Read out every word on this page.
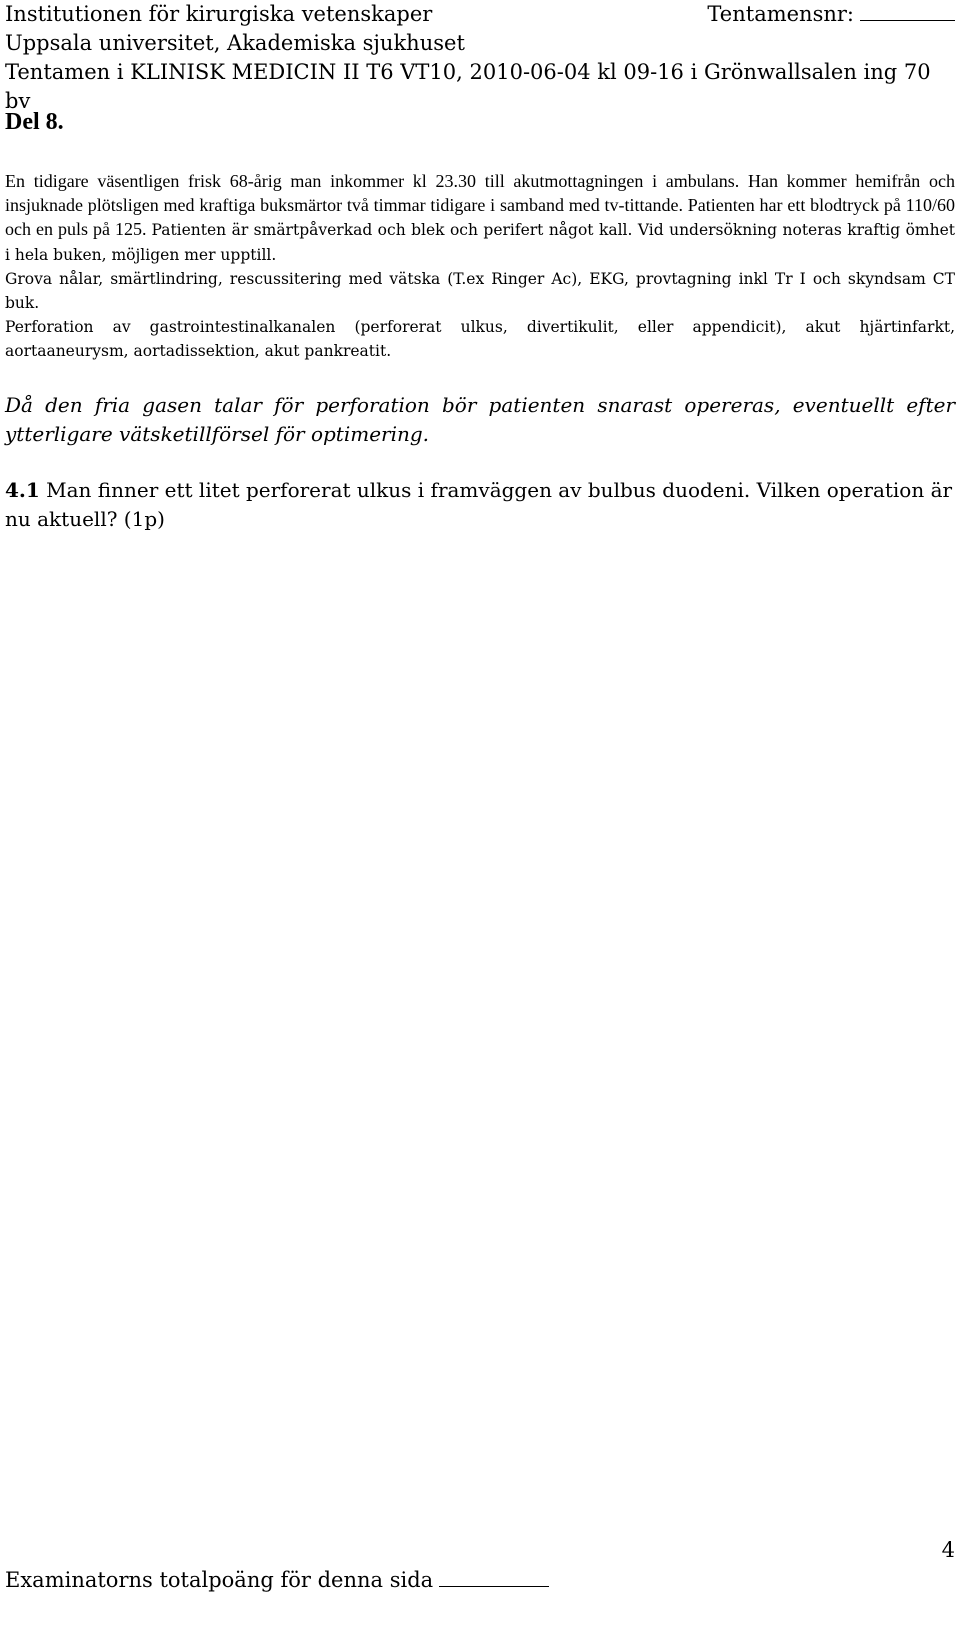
Institutionen för kirurgiska vetenskaper	Tentamensnr:
Uppsala universitet, Akademiska sjukhuset
Tentamen i KLINISK MEDICIN II T6 VT10, 2010-06-04 kl 09-16 i Grönwallsalen ing 70 bv
Del 8.

En tidigare väsentligen frisk 68-årig man inkommer kl 23.30 till akutmottagningen i ambulans. Han kommer hemifrån och insjuknade plötsligen med kraftiga buksmärtor två timmar tidigare i samband med tv-tittande. Patienten har ett blodtryck på 110/60 och en puls på 125. Patienten är smärtpåverkad och blek och perifert något kall. Vid undersökning noteras kraftig ömhet i hela buken, möjligen mer upptill.

Grova nålar, smärtlindring, rescussitering med vätska (T.ex Ringer Ac), EKG, provtagning inkl Tr I och skyndsam CT buk.

Perforation av gastrointestinalkanalen (perforerat ulkus, divertikulit, eller appendicit), akut hjärtinfarkt, aortaaneurysm, aortadissektion, akut pankreatit.

Då den fria gasen talar för perforation bör patienten snarast opereras, eventuellt efter ytterligare vätsketillförsel för optimering.

4.1 Man finner ett litet perforerat ulkus i framväggen av bulbus duodeni. Vilken operation är nu aktuell? (1p)

4
Examinatorns totalpoäng för denna sida
